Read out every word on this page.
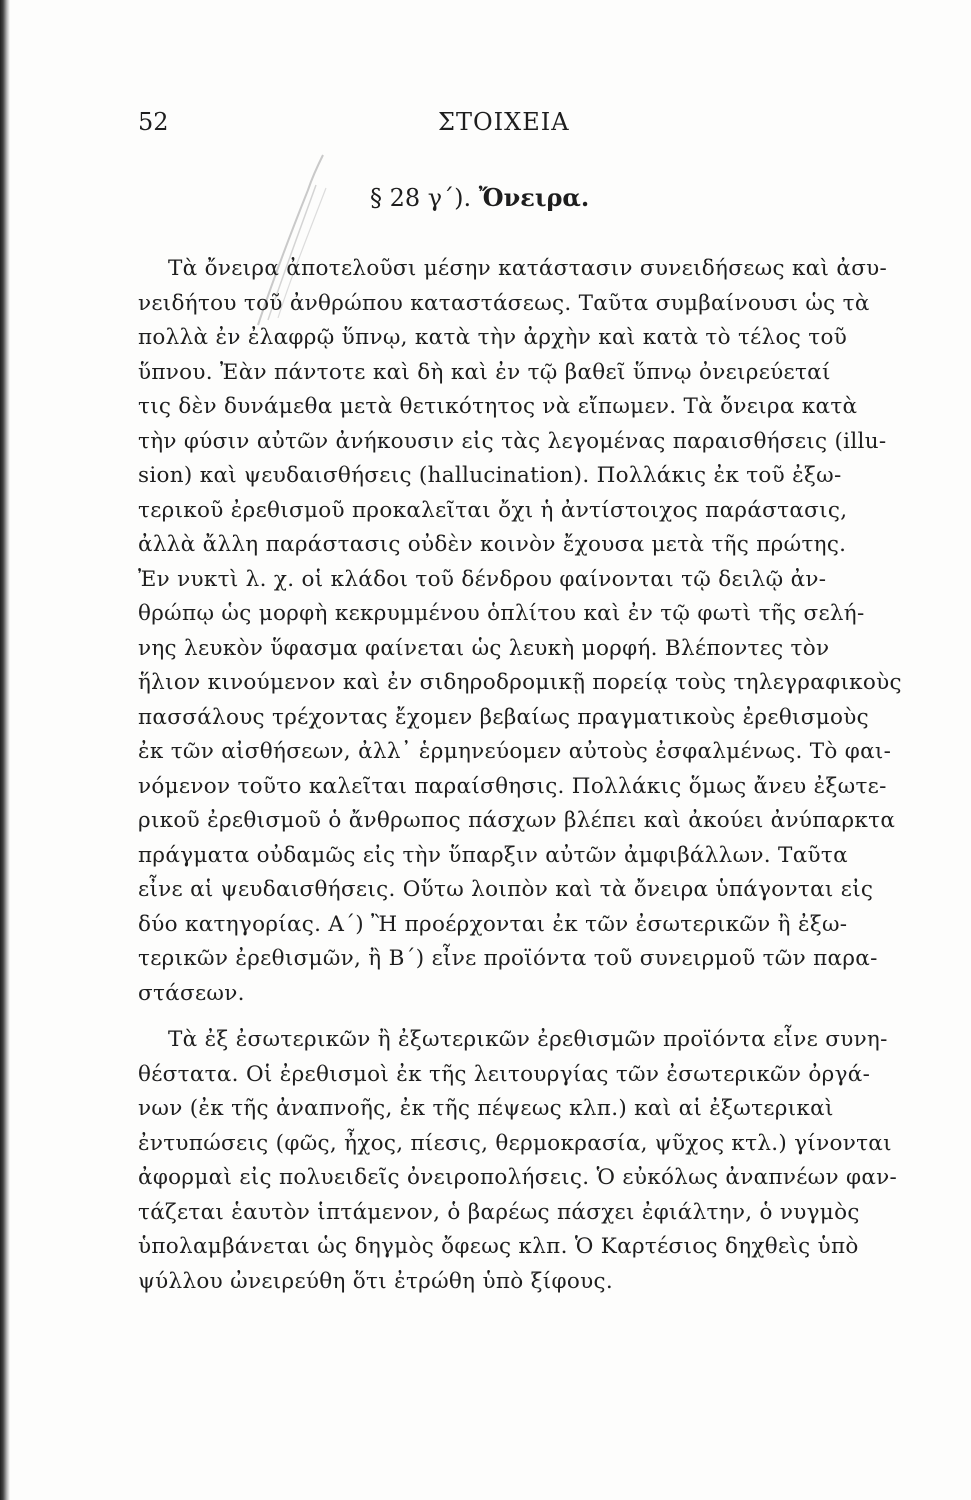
52	ΣΤΟΙΧΕΙΑ
§ 28 γ΄). Ὄνειρα.
Τὰ ὄνειρα ἀποτελοῦσι μέσην κατάστασιν συνειδήσεως καὶ ἀσυ-
νειδήτου τοῦ ἀνθρώπου καταστάσεως. Ταῦτα συμβαίνουσι ὡς τὰ
πολλὰ ἐν ἐλαφρῷ ὕπνῳ, κατὰ τὴν ἀρχὴν καὶ κατὰ τὸ τέλος τοῦ
ὕπνου. Ἐὰν πάντοτε καὶ δὴ καὶ ἐν τῷ βαθεῖ ὕπνῳ ὀνειρεύεταί
τις δὲν δυνάμεθα μετὰ θετικότητος νὰ εἴπωμεν. Τὰ ὄνειρα κατὰ
τὴν φύσιν αὐτῶν ἀνήκουσιν εἰς τὰς λεγομένας παραισθήσεις (illu-
sion) καὶ ψευδαισθήσεις (hallucination). Πολλάκις ἐκ τοῦ ἐξω-
τερικοῦ ἐρεθισμοῦ προκαλεῖται ὄχι ἡ ἀντίστοιχος παράστασις,
ἀλλὰ ἄλλη παράστασις οὐδὲν κοινὸν ἔχουσα μετὰ τῆς πρώτης.
Ἐν νυκτὶ λ. χ. οἱ κλάδοι τοῦ δένδρου φαίνονται τῷ δειλῷ ἀν-
θρώπῳ ὡς μορφὴ κεκρυμμένου ὁπλίτου καὶ ἐν τῷ φωτὶ τῆς σελή-
νης λευκὸν ὕφασμα φαίνεται ὡς λευκὴ μορφή. Βλέποντες τὸν
ἥλιον κινούμενον καὶ ἐν σιδηροδρομικῇ πορείᾳ τοὺς τηλεγραφικοὺς
πασσάλους τρέχοντας ἔχομεν βεβαίως πραγματικοὺς ἐρεθισμοὺς
ἐκ τῶν αἰσθήσεων, ἀλλ᾽ ἑρμηνεύομεν αὐτοὺς ἐσφαλμένως. Τὸ φαι-
νόμενον τοῦτο καλεῖται παραίσθησις. Πολλάκις ὅμως ἄνευ ἐξωτε-
ρικοῦ ἐρεθισμοῦ ὁ ἄνθρωπος πάσχων βλέπει καὶ ἀκούει ἀνύπαρκτα
πράγματα οὐδαμῶς εἰς τὴν ὕπαρξιν αὐτῶν ἀμφιβάλλων. Ταῦτα
εἶνε αἱ ψευδαισθήσεις. Οὕτω λοιπὸν καὶ τὰ ὄνειρα ὑπάγονται εἰς
δύο κατηγορίας. Α΄) Ἢ προέρχονται ἐκ τῶν ἐσωτερικῶν ἢ ἐξω-
τερικῶν ἐρεθισμῶν, ἢ Β΄) εἶνε προϊόντα τοῦ συνειρμοῦ τῶν παρα-
στάσεων.
Τὰ ἐξ ἐσωτερικῶν ἢ ἐξωτερικῶν ἐρεθισμῶν προϊόντα εἶνε συνη-
θέστατα. Οἱ ἐρεθισμοὶ ἐκ τῆς λειτουργίας τῶν ἐσωτερικῶν ὀργά-
νων (ἐκ τῆς ἀναπνοῆς, ἐκ τῆς πέψεως κλπ.) καὶ αἱ ἐξωτερικαὶ
ἐντυπώσεις (φῶς, ἦχος, πίεσις, θερμοκρασία, ψῦχος κτλ.) γίνονται
ἀφορμαὶ εἰς πολυειδεῖς ὀνειροπολήσεις. Ὁ εὐκόλως ἀναπνέων φαν-
τάζεται ἑαυτὸν ἱπτάμενον, ὁ βαρέως πάσχει ἐφιάλτην, ὁ νυγμὸς
ὑπολαμβάνεται ὡς δηγμὸς ὄφεως κλπ. Ὁ Καρτέσιος δηχθεὶς ὑπὸ
ψύλλου ὠνειρεύθη ὅτι ἐτρώθη ὑπὸ ξίφους.
